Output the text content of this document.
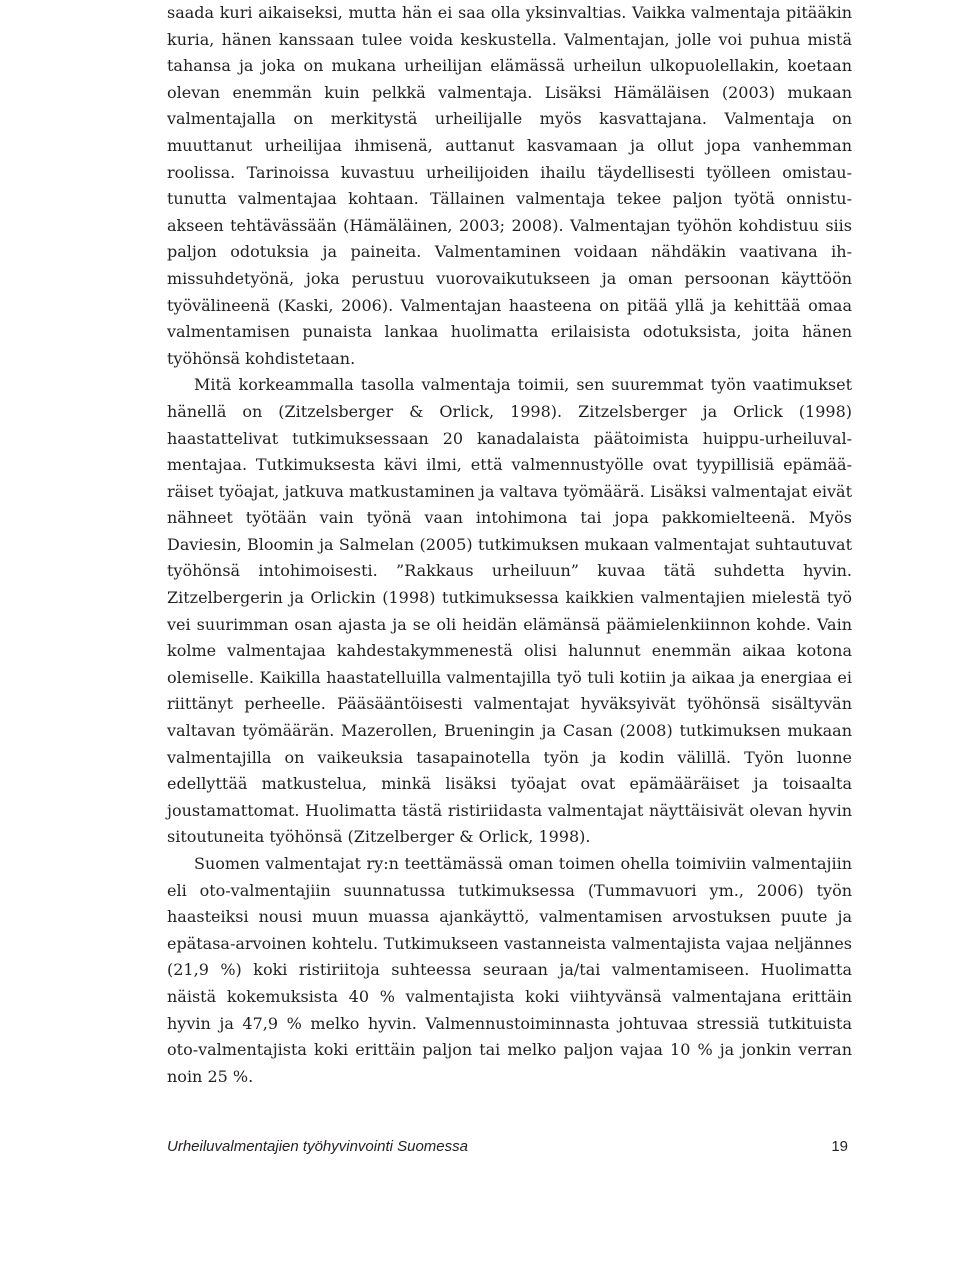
saada kuri aikaiseksi, mutta hän ei saa olla yksinvaltias. Vaikka valmentaja pitääkin kuria, hänen kanssaan tulee voida keskustella. Valmentajan, jolle voi puhua mistä tahansa ja joka on mukana urheilijan elämässä urheilun ulkopuolellakin, koetaan olevan enemmän kuin pelkkä valmentaja. Lisäksi Hämäläisen (2003) mukaan valmentajalla on merkitystä urheilijalle myös kasvattajana. Valmentaja on muuttanut urheilijaa ihmisenä, auttanut kasvamaan ja ollut jopa vanhemman roolissa. Tarinoissa kuvastuu urheilijoiden ihailu täydellisesti työlleen omistautunutta valmentajaa kohtaan. Tällainen valmentaja tekee paljon työtä onnistuakseen tehtävässään (Hämäläinen, 2003; 2008). Valmentajan työhön kohdistuu siis paljon odotuksia ja paineita. Valmentaminen voidaan nähdäkin vaativana ihmissuhdetyönä, joka perustuu vuorovaikutukseen ja oman persoonan käyttöön työvälineenä (Kaski, 2006). Valmentajan haasteena on pitää yllä ja kehittää omaa valmentamisen punaista lankaa huolimatta erilaisista odotuksista, joita hänen työhönsä kohdistetaan.

Mitä korkeammalla tasolla valmentaja toimii, sen suuremmat työn vaatimukset hänellä on (Zitzelsberger & Orlick, 1998). Zitzelsberger ja Orlick (1998) haastattelivat tutkimuksessaan 20 kanadalaista päätoimista huippu-urheiluvalmentajaa. Tutkimuksesta kävi ilmi, että valmennustyölle ovat tyypillisiä epämääräiset työajat, jatkuva matkustaminen ja valtava työmäärä. Lisäksi valmentajat eivät nähneet työtään vain työnä vaan intohimona tai jopa pakkomielteenä. Myös Daviesin, Bloomin ja Salmelan (2005) tutkimuksen mukaan valmentajat suhtautuvat työhönsä intohimoisesti. ”Rakkaus urheiluun” kuvaa tätä suhdetta hyvin. Zitzelbergerin ja Orlickin (1998) tutkimuksessa kaikkien valmentajien mielestä työ vei suurimman osan ajasta ja se oli heidän elämänsä päämielenkiinnon kohde. Vain kolme valmentajaa kahdestakymmenestä olisi halunnut enemmän aikaa kotona olemiselle. Kaikilla haastatelluilla valmentajilla työ tuli kotiin ja aikaa ja energiaa ei riittänyt perheelle. Pääsääntöisesti valmentajat hyväksyivät työhönsä sisältyvän valtavan työmäärän. Mazerollen, Brueningin ja Casan (2008) tutkimuksen mukaan valmentajilla on vaikeuksia tasapainotella työn ja kodin välillä. Työn luonne edellyttää matkustelua, minkä lisäksi työajat ovat epämääräiset ja toisaalta joustamattomat. Huolimatta tästä ristiriidasta valmentajat näyttäisivät olevan hyvin sitoutuneita työhönsä (Zitzelberger & Orlick, 1998).

Suomen valmentajat ry:n teettämässä oman toimen ohella toimiviin valmentajiin eli oto-valmentajiin suunnatussa tutkimuksessa (Tummavuori ym., 2006) työn haasteiksi nousi muun muassa ajankäyttö, valmentamisen arvostuksen puute ja epätasa-arvoinen kohtelu. Tutkimukseen vastanneista valmentajista vajaa neljännes (21,9 %) koki ristiriitoja suhteessa seuraan ja/tai valmentamiseen. Huolimatta näistä kokemuksista 40 % valmentajista koki viihtyvänsä valmentajana erittäin hyvin ja 47,9 % melko hyvin. Valmennustoiminnasta johtuvaa stressiä tutkituista oto-valmentajista koki erittäin paljon tai melko paljon vajaa 10 % ja jonkin verran noin 25 %.

Urheiluvalmentajien työhyvinvointi Suomessa	19
